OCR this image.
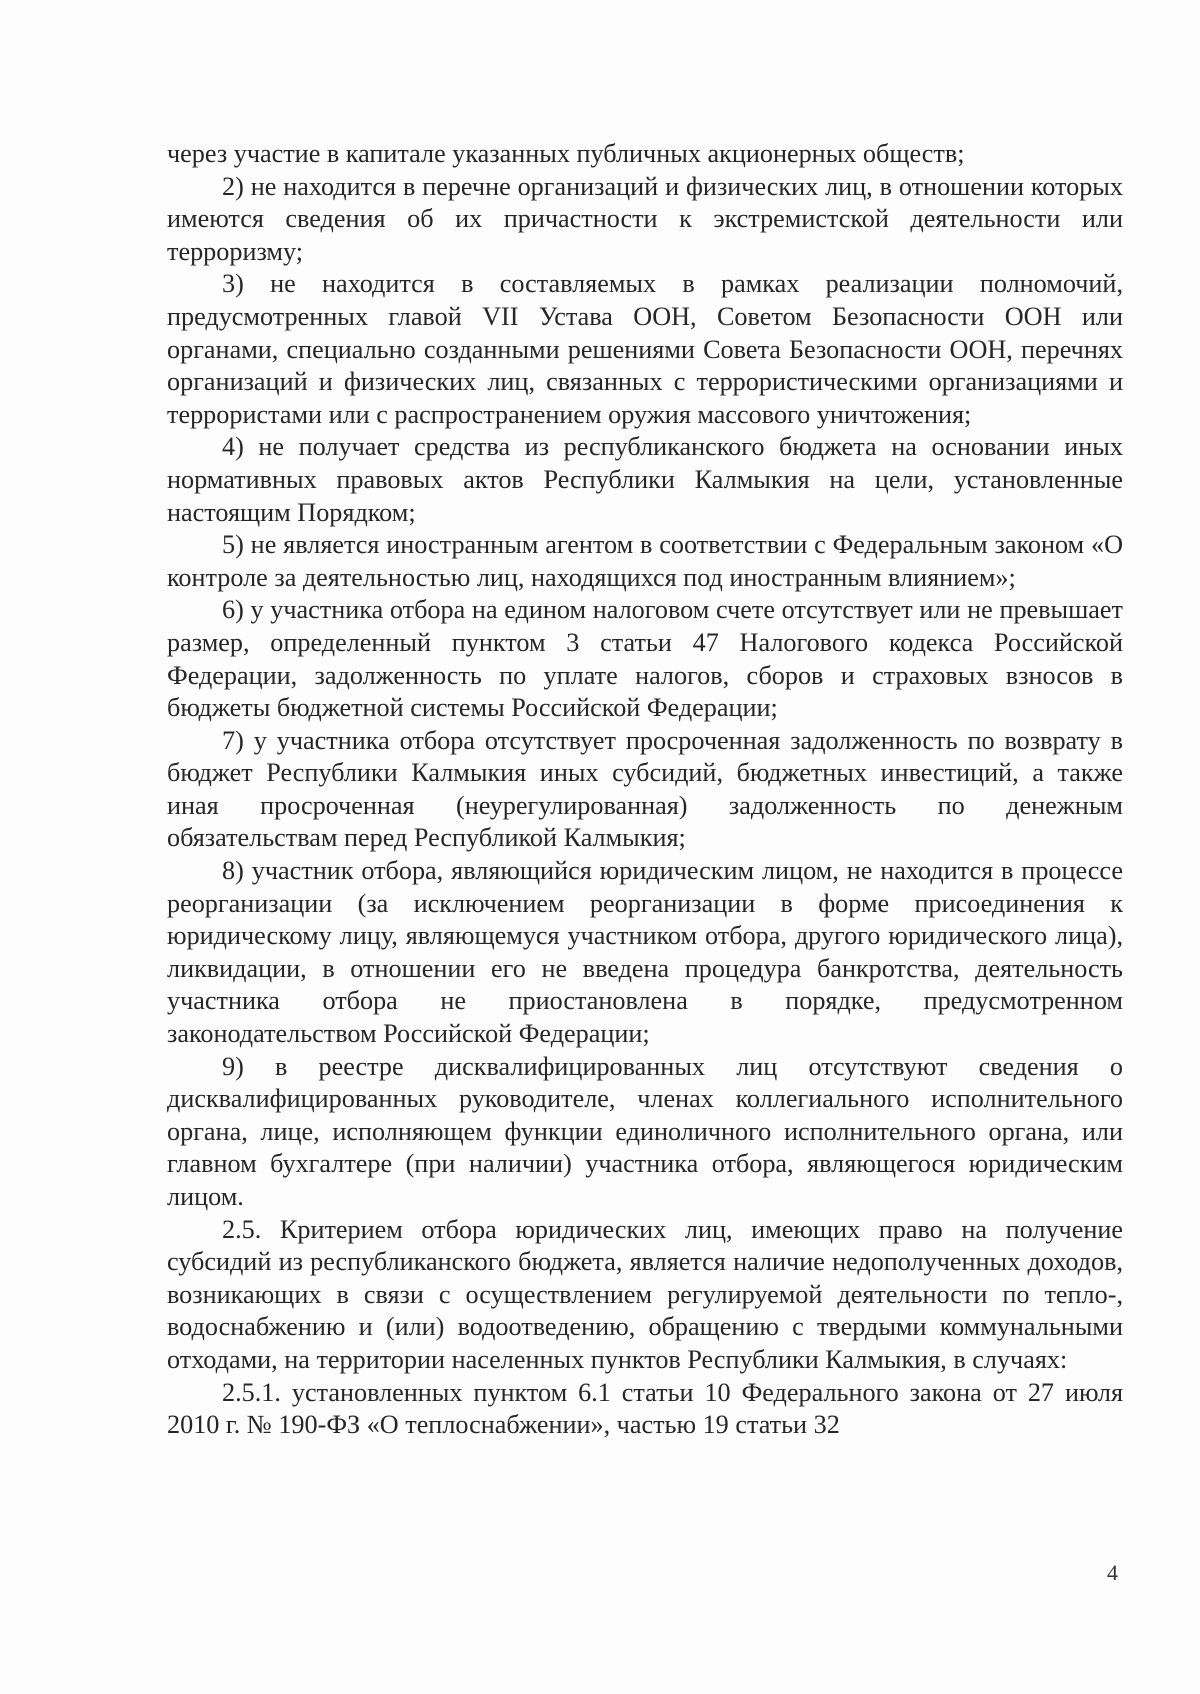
через участие в капитале указанных публичных акционерных обществ;

2) не находится в перечне организаций и физических лиц, в отношении которых имеются сведения об их причастности к экстремистской деятельности или терроризму;

3) не находится в составляемых в рамках реализации полномочий, предусмотренных главой VII Устава ООН, Советом Безопасности ООН или органами, специально созданными решениями Совета Безопасности ООН, перечнях организаций и физических лиц, связанных с террористическими организациями и террористами или с распространением оружия массового уничтожения;

4) не получает средства из республиканского бюджета на основании иных нормативных правовых актов Республики Калмыкия на цели, установленные настоящим Порядком;

5) не является иностранным агентом в соответствии с Федеральным законом «О контроле за деятельностью лиц, находящихся под иностранным влиянием»;

6) у участника отбора на едином налоговом счете отсутствует или не превышает размер, определенный пунктом 3 статьи 47 Налогового кодекса Российской Федерации, задолженность по уплате налогов, сборов и страховых взносов в бюджеты бюджетной системы Российской Федерации;

7) у участника отбора отсутствует просроченная задолженность по возврату в бюджет Республики Калмыкия иных субсидий, бюджетных инвестиций, а также иная просроченная (неурегулированная) задолженность по денежным обязательствам перед Республикой Калмыкия;

8) участник отбора, являющийся юридическим лицом, не находится в процессе реорганизации (за исключением реорганизации в форме присоединения к юридическому лицу, являющемуся участником отбора, другого юридического лица), ликвидации, в отношении его не введена процедура банкротства, деятельность участника отбора не приостановлена в порядке, предусмотренном законодательством Российской Федерации;

9) в реестре дисквалифицированных лиц отсутствуют сведения о дисквалифицированных руководителе, членах коллегиального исполнительного органа, лице, исполняющем функции единоличного исполнительного органа, или главном бухгалтере (при наличии) участника отбора, являющегося юридическим лицом.

2.5. Критерием отбора юридических лиц, имеющих право на получение субсидий из республиканского бюджета, является наличие недополученных доходов, возникающих в связи с осуществлением регулируемой деятельности по тепло-, водоснабжению и (или) водоотведению, обращению с твердыми коммунальными отходами, на территории населенных пунктов Республики Калмыкия, в случаях:

2.5.1. установленных пунктом 6.1 статьи 10 Федерального закона от 27 июля 2010 г. № 190-ФЗ «О теплоснабжении», частью 19 статьи 32

4
